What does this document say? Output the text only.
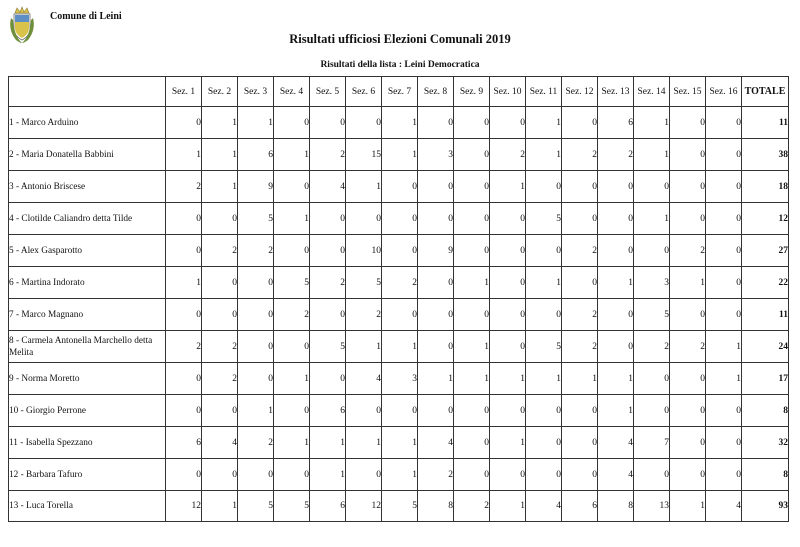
Comune di Leini
Risultati ufficiosi Elezioni Comunali 2019
Risultati della lista : Leini Democratica
	Sez. 1	Sez. 2	Sez. 3	Sez. 4	Sez. 5	Sez. 6	Sez. 7	Sez. 8	Sez. 9	Sez. 10	Sez. 11	Sez. 12	Sez. 13	Sez. 14	Sez. 15	Sez. 16	TOTALE
1 - Marco Arduino	0	1	1	0	0	0	1	0	0	0	1	0	6	1	0	0	11
2 - Maria Donatella Babbini	1	1	6	1	2	15	1	3	0	2	1	2	2	1	0	0	38
3 - Antonio Briscese	2	1	9	0	4	1	0	0	0	1	0	0	0	0	0	0	18
4 - Clotilde Caliandro detta Tilde	0	0	5	1	0	0	0	0	0	0	5	0	0	1	0	0	12
5 - Alex Gasparotto	0	2	2	0	0	10	0	9	0	0	0	2	0	0	2	0	27
6 - Martina Indorato	1	0	0	5	2	5	2	0	1	0	1	0	1	3	1	0	22
7 - Marco Magnano	0	0	0	2	0	2	0	0	0	0	0	2	0	5	0	0	11
8 - Carmela Antonella Marchello detta Melita	2	2	0	0	5	1	1	0	1	0	5	2	0	2	2	1	24
9 - Norma Moretto	0	2	0	1	0	4	3	1	1	1	1	1	1	0	0	1	17
10 - Giorgio Perrone	0	0	1	0	6	0	0	0	0	0	0	0	1	0	0	0	8
11 - Isabella Spezzano	6	4	2	1	1	1	1	4	0	1	0	0	4	7	0	0	32
12 - Barbara Tafuro	0	0	0	0	1	0	1	2	0	0	0	0	4	0	0	0	8
13 - Luca Torella	12	1	5	5	6	12	5	8	2	1	4	6	8	13	1	4	93
